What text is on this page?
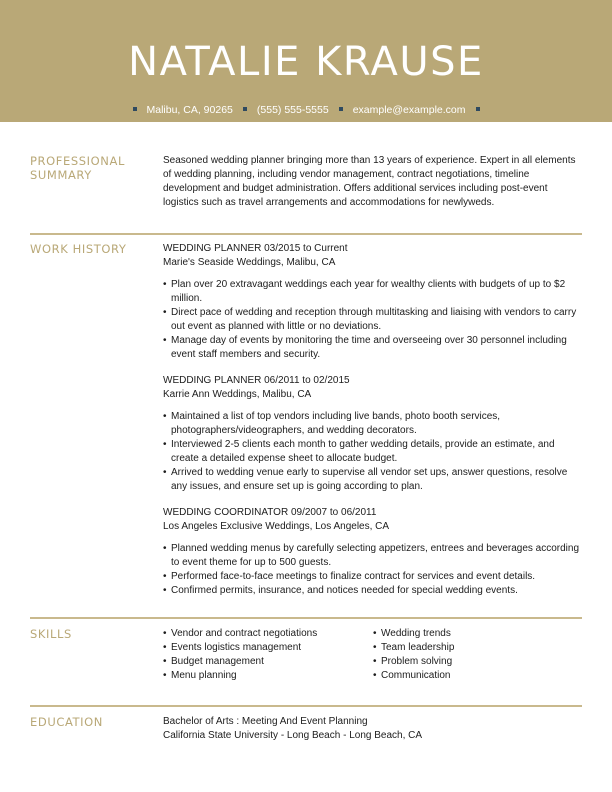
NATALIE KRAUSE
Malibu, CA, 90265 (555) 555-5555 example@example.com
PROFESSIONAL SUMMARY

Seasoned wedding planner bringing more than 13 years of experience. Expert in all elements of wedding planning, including vendor management, contract negotiations, timeline development and budget administration. Offers additional services including post-event logistics such as travel arrangements and accommodations for newlyweds.

WORK HISTORY	WEDDING PLANNER 03/2015 to Current
Marie's Seaside Weddings, Malibu, CA
• Plan over 20 extravagant weddings each year for wealthy clients with budgets of up to $2 million.
• Direct pace of wedding and reception through multitasking and liaising with vendors to carry out event as planned with little or no deviations.
• Manage day of events by monitoring the time and overseeing over 30 personnel including event staff members and security.
WEDDING PLANNER 06/2011 to 02/2015
Karrie Ann Weddings, Malibu, CA
• Maintained a list of top vendors including live bands, photo booth services, photographers/videographers, and wedding decorators.
• Interviewed 2-5 clients each month to gather wedding details, provide an estimate, and create a detailed expense sheet to allocate budget.
• Arrived to wedding venue early to supervise all vendor set ups, answer questions, resolve any issues, and ensure set up is going according to plan.
WEDDING COORDINATOR 09/2007 to 06/2011
Los Angeles Exclusive Weddings, Los Angeles, CA
• Planned wedding menus by carefully selecting appetizers, entrees and beverages according to event theme for up to 500 guests.
• Performed face-to-face meetings to finalize contract for services and event details.
• Confirmed permits, insurance, and notices needed for special wedding events.
SKILLS
•	Vendor and contract negotiations
• Events logistics management
• Budget management
• Menu planning
• Wedding trends
• Team leadership
• Problem solving
• Communication
EDUCATION	Bachelor of Arts : Meeting And Event Planning
California State University - Long Beach - Long Beach, CA
